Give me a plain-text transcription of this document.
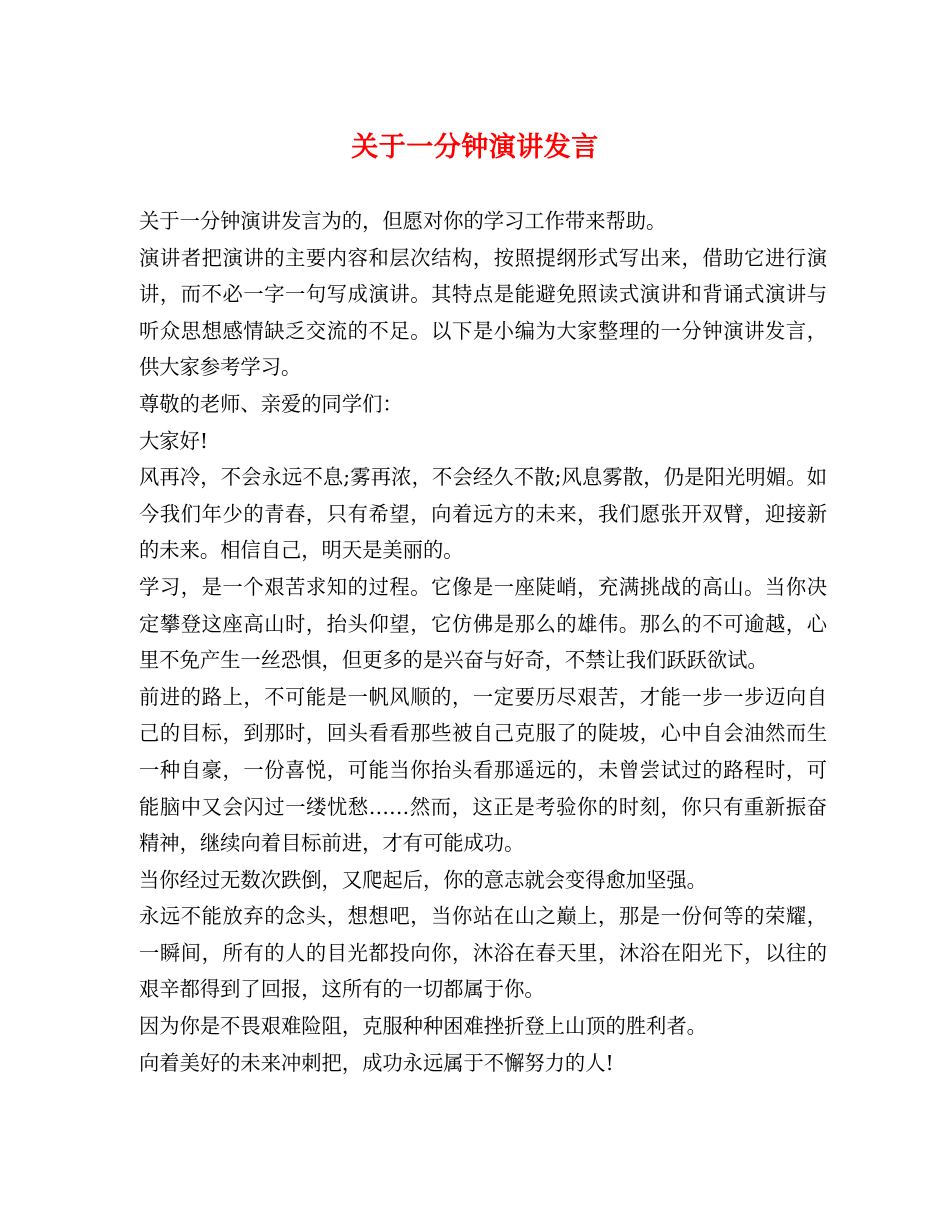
关于一分钟演讲发言

关于一分钟演讲发言为的，但愿对你的学习工作带来帮助。

演讲者把演讲的主要内容和层次结构，按照提纲形式写出来，借助它进行演讲，而不必一字一句写成演讲。其特点是能避免照读式演讲和背诵式演讲与听众思想感情缺乏交流的不足。以下是小编为大家整理的一分钟演讲发言，供大家参考学习。

尊敬的老师、亲爱的同学们：

大家好!

风再冷，不会永远不息;雾再浓，不会经久不散;风息雾散，仍是阳光明媚。如今我们年少的青春，只有希望，向着远方的未来，我们愿张开双臂，迎接新的未来。相信自己，明天是美丽的。

学习，是一个艰苦求知的过程。它像是一座陡峭，充满挑战的高山。当你决定攀登这座高山时，抬头仰望，它仿佛是那么的雄伟。那么的不可逾越，心里不免产生一丝恐惧，但更多的是兴奋与好奇，不禁让我们跃跃欲试。

前进的路上，不可能是一帆风顺的，一定要历尽艰苦，才能一步一步迈向自己的目标，到那时，回头看看那些被自己克服了的陡坡，心中自会油然而生一种自豪，一份喜悦，可能当你抬头看那遥远的，未曾尝试过的路程时，可能脑中又会闪过一缕忧愁……然而，这正是考验你的时刻，你只有重新振奋精神，继续向着目标前进，才有可能成功。

当你经过无数次跌倒，又爬起后，你的意志就会变得愈加坚强。

永远不能放弃的念头，想想吧，当你站在山之巅上，那是一份何等的荣耀，一瞬间，所有的人的目光都投向你，沐浴在春天里，沐浴在阳光下，以往的艰辛都得到了回报，这所有的一切都属于你。

因为你是不畏艰难险阻，克服种种困难挫折登上山顶的胜利者。

向着美好的未来冲刺把，成功永远属于不懈努力的人!
